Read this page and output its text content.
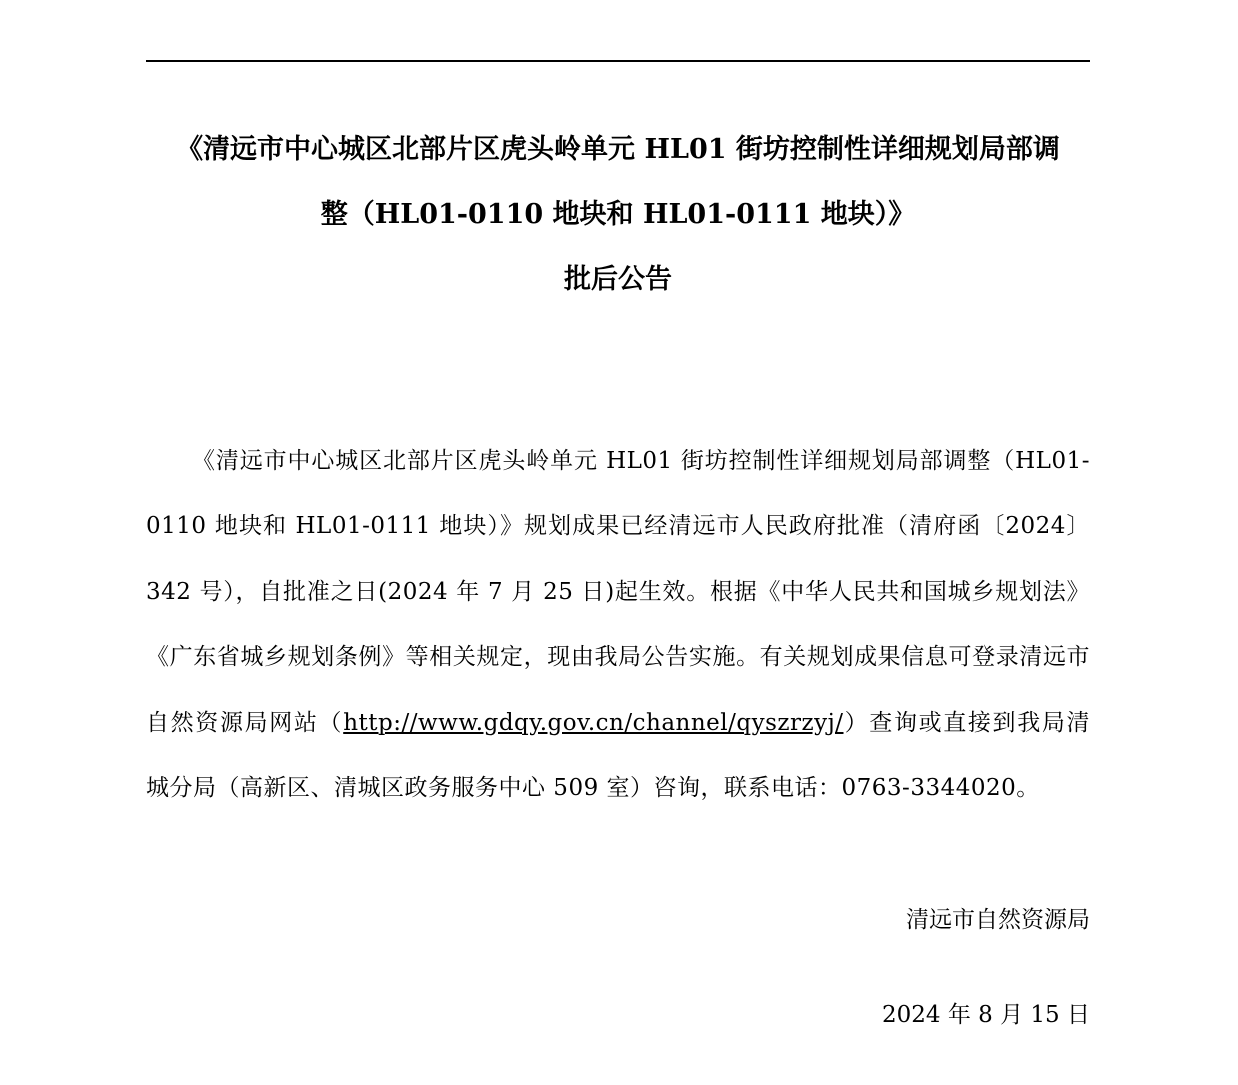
《清远市中心城区北部片区虎头岭单元 HL01 街坊控制性详细规划局部调
整（HL01-0110 地块和 HL01-0111 地块）》
批后公告

《清远市中心城区北部片区虎头岭单元 HL01 街坊控制性详细规划局部调整（HL01-0110 地块和 HL01-0111 地块）》规划成果已经清远市人民政府批准（清府函〔2024〕342 号），自批准之日(2024 年 7 月 25 日)起生效。根据《中华人民共和国城乡规划法》《广东省城乡规划条例》等相关规定，现由我局公告实施。有关规划成果信息可登录清远市自然资源局网站（http://www.gdqy.gov.cn/channel/qyszrzyj/）查询或直接到我局清城分局（高新区、清城区政务服务中心 509 室）咨询，联系电话：0763-3344020。

清远市自然资源局
2024 年 8 月 15 日
